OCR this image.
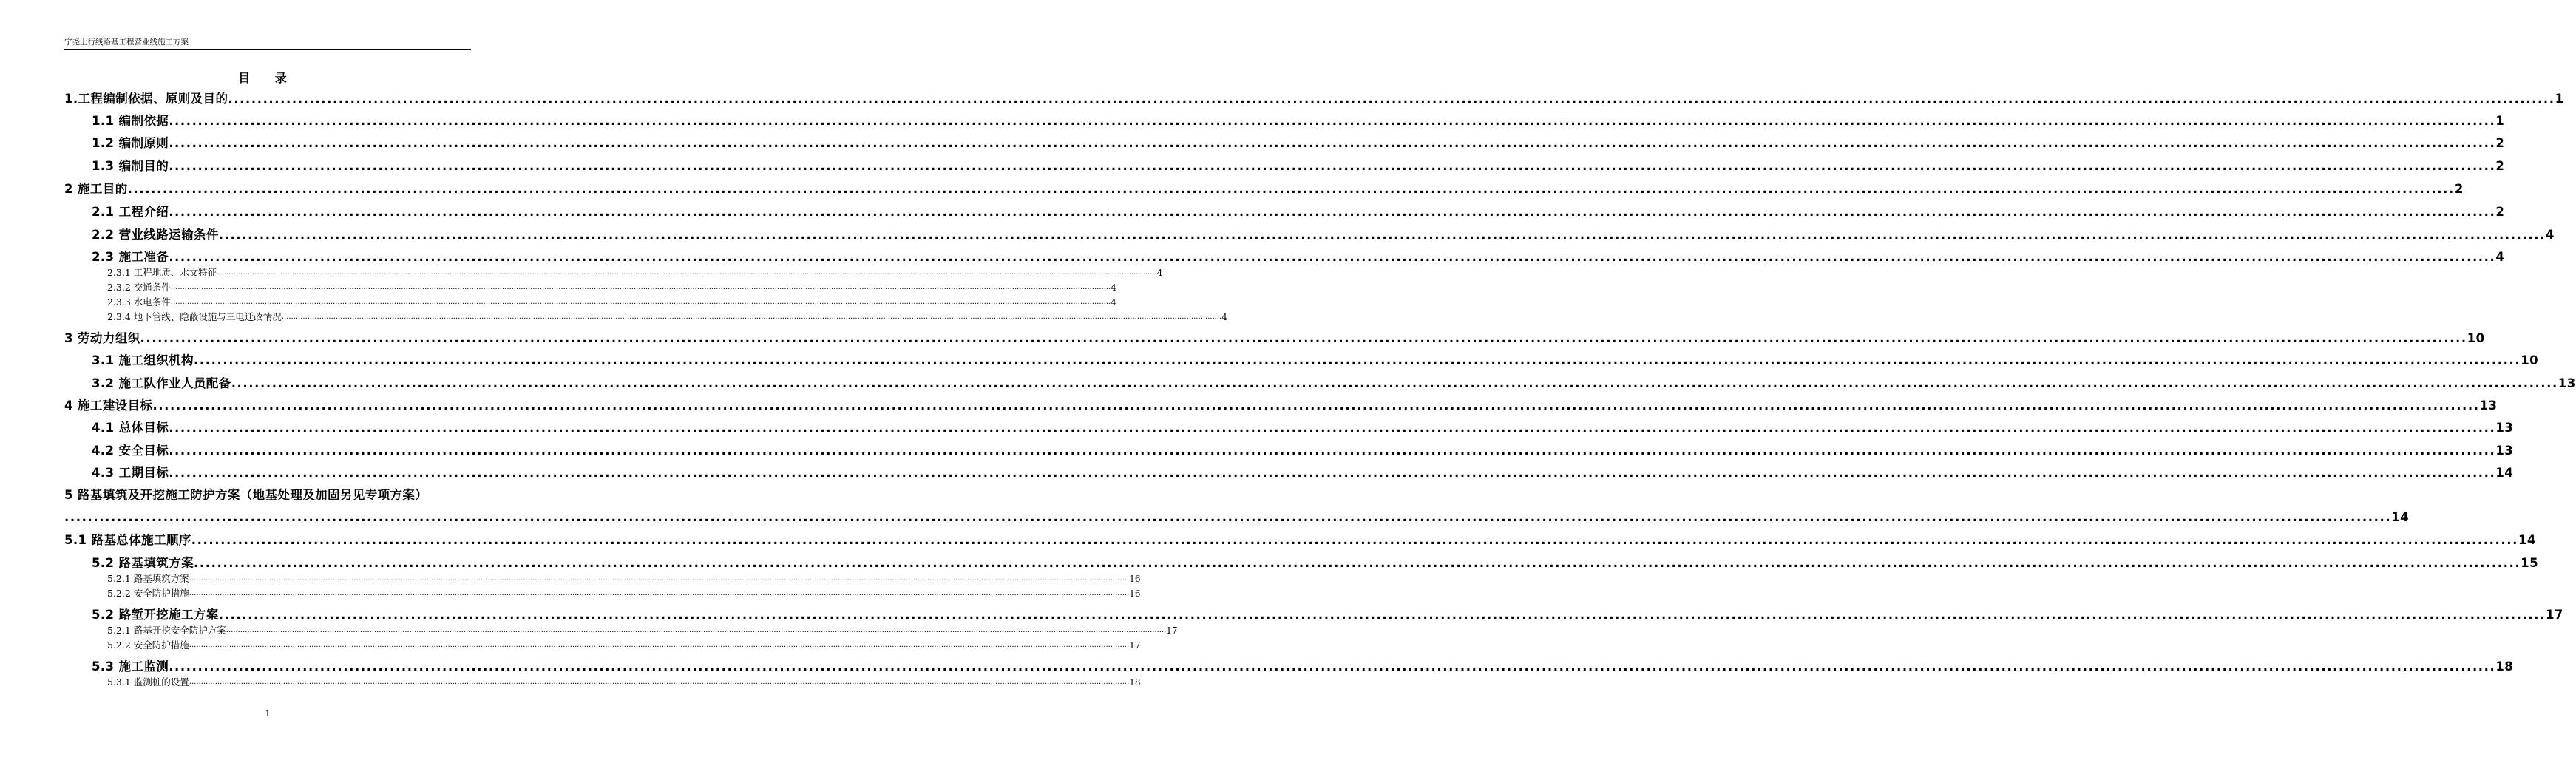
宁尧上行线路基工程营业线施工方案
目 录
1.工程编制依据、原则及目的 ................................................................................................................................................................................................................................................................................................................................................................................................................ 1
1.1 编制依据 ................................................................................................................................................................................................................................................................................................................................................................................................................ 1
1.2 编制原则 ................................................................................................................................................................................................................................................................................................................................................................................................................ 2
1.3 编制目的 ................................................................................................................................................................................................................................................................................................................................................................................................................ 2
2 施工目的 ................................................................................................................................................................................................................................................................................................................................................................................................................ 2
2.1 工程介绍 ................................................................................................................................................................................................................................................................................................................................................................................................................ 2
2.2 营业线路运输条件 ................................................................................................................................................................................................................................................................................................................................................................................................................ 4
2.3 施工准备 ................................................................................................................................................................................................................................................................................................................................................................................................................ 4
2.3.1 工程地质、水文特征 ................................................................................................................................................................................................................................................................................................................................................................................................................ 4
2.3.2 交通条件 ................................................................................................................................................................................................................................................................................................................................................................................................................ 4
2.3.3 水电条件 ................................................................................................................................................................................................................................................................................................................................................................................................................ 4
2.3.4 地下管线、隐蔽设施与三电迁改情况 ................................................................................................................................................................................................................................................................................................................................................................................................................ 4
3 劳动力组织 ................................................................................................................................................................................................................................................................................................................................................................................................................ 10
3.1 施工组织机构 ................................................................................................................................................................................................................................................................................................................................................................................................................ 10
3.2 施工队作业人员配备 ................................................................................................................................................................................................................................................................................................................................................................................................................ 13
4 施工建设目标 ................................................................................................................................................................................................................................................................................................................................................................................................................ 13
4.1 总体目标 ................................................................................................................................................................................................................................................................................................................................................................................................................ 13
4.2 安全目标 ................................................................................................................................................................................................................................................................................................................................................................................................................ 13
4.3 工期目标 ................................................................................................................................................................................................................................................................................................................................................................................................................ 14
5 路基填筑及开挖施工防护方案（地基处理及加固另见专项方案）
................................................................................................................................................................................................................................................................................................................................................................................................................ 14
5.1 路基总体施工顺序 ................................................................................................................................................................................................................................................................................................................................................................................................................ 14
5.2 路基填筑方案 ................................................................................................................................................................................................................................................................................................................................................................................................................ 15
5.2.1 路基填筑方案 ................................................................................................................................................................................................................................................................................................................................................................................................................ 16
5.2.2 安全防护措施 ................................................................................................................................................................................................................................................................................................................................................................................................................ 16
5.2 路堑开挖施工方案 ................................................................................................................................................................................................................................................................................................................................................................................................................ 17
5.2.1 路基开挖安全防护方案 ................................................................................................................................................................................................................................................................................................................................................................................................................ 17
5.2.2 安全防护措施 ................................................................................................................................................................................................................................................................................................................................................................................................................ 17
5.3 施工监测 ................................................................................................................................................................................................................................................................................................................................................................................................................ 18
5.3.1 监测桩的设置 ................................................................................................................................................................................................................................................................................................................................................................................................................ 18
1
